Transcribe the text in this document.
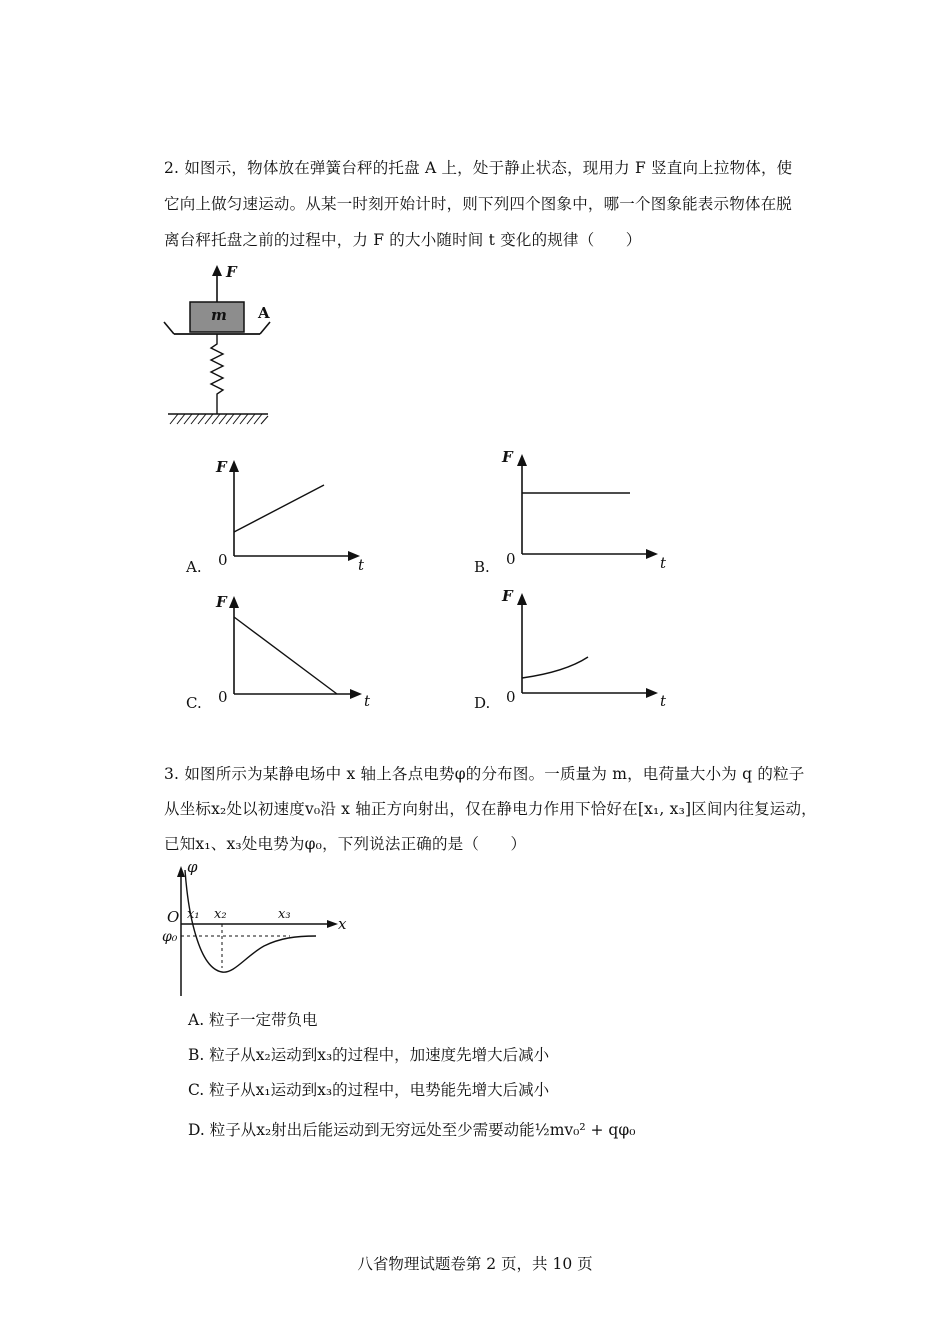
2. 如图示，物体放在弹簧台秤的托盘 A 上，处于静止状态，现用力 F 竖直向上拉物体，使
它向上做匀速运动。从某一时刻开始计时，则下列四个图象中，哪一个图象能表示物体在脱
离台秤托盘之前的过程中，力 F 的大小随时间 t 变化的规律（　　）
F
m A
F
0	t
A.
F
0	t
B.
F
0	t
C.
F
0	t
D.
3. 如图所示为某静电场中 x 轴上各点电势φ的分布图。一质量为 m，电荷量大小为 q 的粒子
从坐标x₂处以初速度v₀沿 x 轴正方向射出，仅在静电力作用下恰好在[x₁, x₃]区间内往复运动，
已知x₁、x₃处电势为φ₀，下列说法正确的是（　　）
φ
O x₁ x₂	x₃
φ₀
x
A. 粒子一定带负电
B. 粒子从x₂运动到x₃的过程中，加速度先增大后减小
C. 粒子从x₁运动到x₃的过程中，电势能先增大后减小
D. 粒子从x₂射出后能运动到无穷远处至少需要动能½mv₀² + qφ₀
八省物理试题卷第 2 页，共 10 页
